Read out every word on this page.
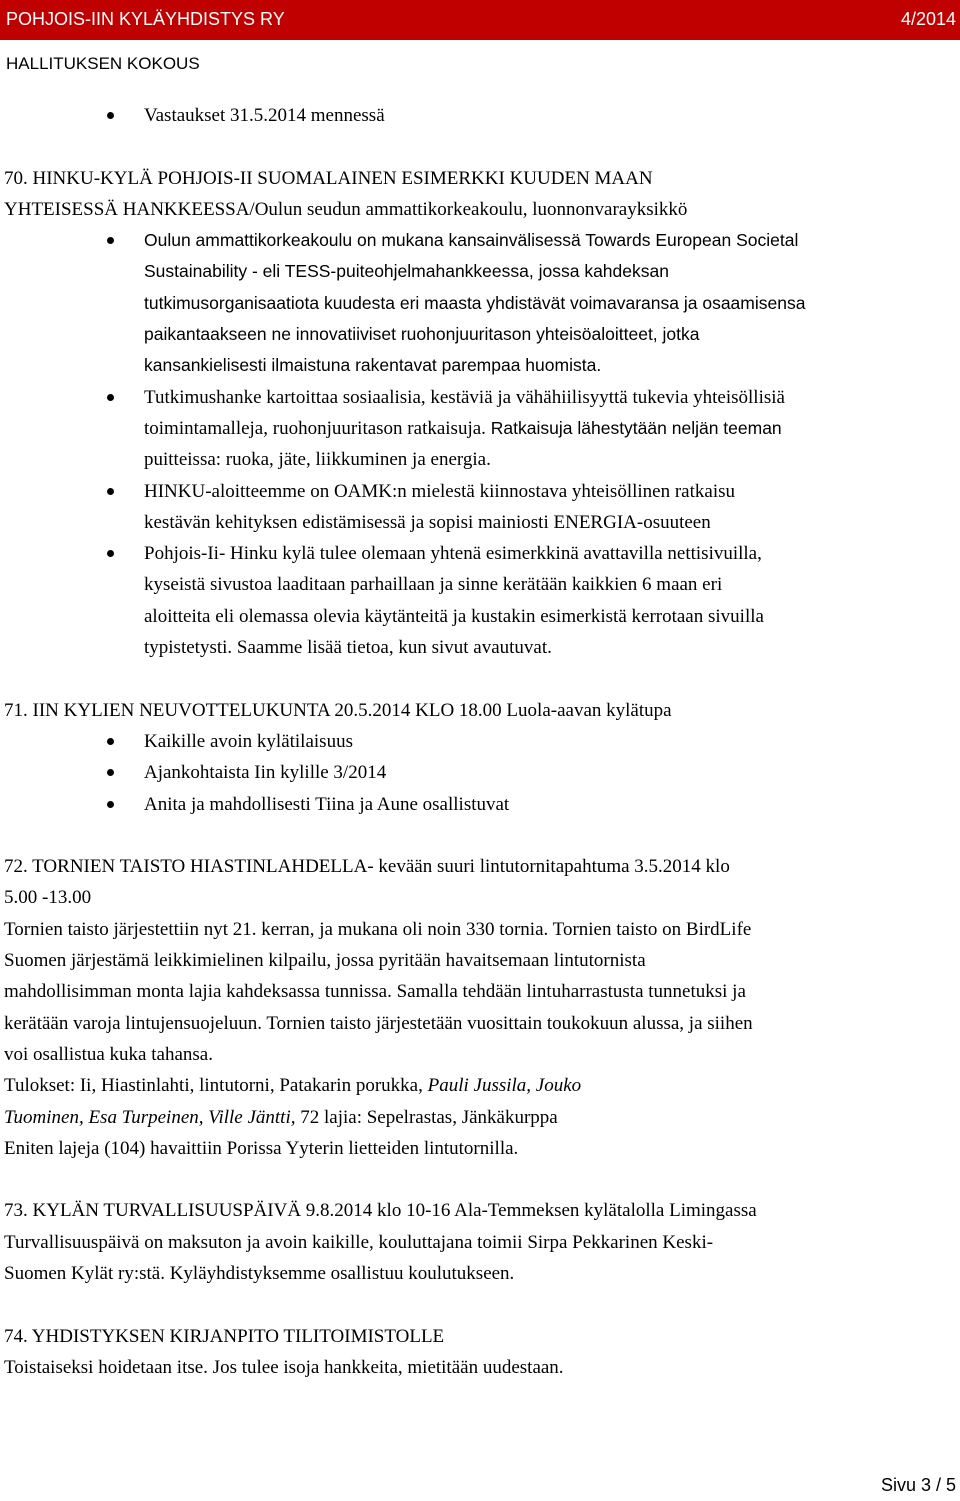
POHJOIS-IIN KYLÄYHDISTYS RY	4/2014
HALLITUKSEN KOKOUS
Vastaukset 31.5.2014 mennessä
70. HINKU-KYLÄ POHJOIS-II SUOMALAINEN ESIMERKKI KUUDEN MAAN
YHTEISESSÄ HANKKEESSA/Oulun seudun ammattikorkeakoulu, luonnonvarayksikkö
Oulun ammattikorkeakoulu on mukana kansainvälisessä Towards European Societal
Sustainability - eli TESS-puiteohjelmahankkeessa, jossa kahdeksan
tutkimusorganisaatiota kuudesta eri maasta yhdistävät voimavaransa ja osaamisensa
paikantaakseen ne innovatiiviset ruohonjuuritason yhteisöaloitteet, jotka
kansankielisesti ilmaistuna rakentavat parempaa huomista.
Tutkimushanke kartoittaa sosiaalisia, kestäviä ja vähähiilisyyttä tukevia yhteisöllisiä
toimintamalleja, ruohonjuuritason ratkaisuja. Ratkaisuja lähestytään neljän teeman
puitteissa: ruoka, jäte, liikkuminen ja energia.
HINKU-aloitteemme on OAMK:n mielestä kiinnostava yhteisöllinen ratkaisu
kestävän kehityksen edistämisessä ja sopisi mainiosti ENERGIA-osuuteen
Pohjois-Ii- Hinku kylä tulee olemaan yhtenä esimerkkinä avattavilla nettisivuilla,
kyseistä sivustoa laaditaan parhaillaan ja sinne kerätään kaikkien 6 maan eri
aloitteita eli olemassa olevia käytänteitä ja kustakin esimerkistä kerrotaan sivuilla
typistetysti. Saamme lisää tietoa, kun sivut avautuvat.
71. IIN KYLIEN NEUVOTTELUKUNTA 20.5.2014 KLO 18.00 Luola-aavan kylätupa
Kaikille avoin kylätilaisuus
Ajankohtaista Iin kylille 3/2014
Anita ja mahdollisesti Tiina ja Aune osallistuvat
72. TORNIEN TAISTO HIASTINLAHDELLA- kevään suuri lintutornitapahtuma 3.5.2014 klo
5.00 -13.00
Tornien taisto järjestettiin nyt 21. kerran, ja mukana oli noin 330 tornia. Tornien taisto on BirdLife
Suomen järjestämä leikkimielinen kilpailu, jossa pyritään havaitsemaan lintutornista
mahdollisimman monta lajia kahdeksassa tunnissa. Samalla tehdään lintuharrastusta tunnetuksi ja
kerätään varoja lintujensuojeluun. Tornien taisto järjestetään vuosittain toukokuun alussa, ja siihen
voi osallistua kuka tahansa.
Tulokset: Ii, Hiastinlahti, lintutorni, Patakarin porukka, Pauli Jussila, Jouko
Tuominen, Esa Turpeinen, Ville Jäntti, 72 lajia: Sepelrastas, Jänkäkurppa
Eniten lajeja (104) havaittiin Porissa Yyterin lietteiden lintutornilla.
73. KYLÄN TURVALLISUUSPÄIVÄ 9.8.2014 klo 10-16 Ala-Temmeksen kylätalolla Limingassa
Turvallisuuspäivä on maksuton ja avoin kaikille, kouluttajana toimii Sirpa Pekkarinen Keski-
Suomen Kylät ry:stä. Kyläyhdistyksemme osallistuu koulutukseen.
74. YHDISTYKSEN KIRJANPITO TILITOIMISTOLLE
Toistaiseksi hoidetaan itse. Jos tulee isoja hankkeita, mietitään uudestaan.
Sivu 3 / 5
